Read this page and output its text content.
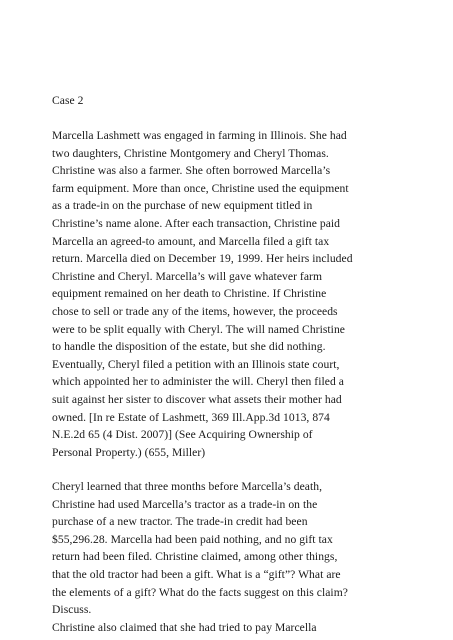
Case 2
Marcella Lashmett was engaged in farming in Illinois. She had
two daughters, Christine Montgomery and Cheryl Thomas.
Christine was also a farmer. She often borrowed Marcella’s
farm equipment. More than once, Christine used the equipment
as a trade-in on the purchase of new equipment titled in
Christine’s name alone. After each transaction, Christine paid
Marcella an agreed-to amount, and Marcella filed a gift tax
return. Marcella died on December 19, 1999. Her heirs included
Christine and Cheryl. Marcella’s will gave whatever farm
equipment remained on her death to Christine. If Christine
chose to sell or trade any of the items, however, the proceeds
were to be split equally with Cheryl. The will named Christine
to handle the disposition of the estate, but she did nothing.
Eventually, Cheryl filed a petition with an Illinois state court,
which appointed her to administer the will. Cheryl then filed a
suit against her sister to discover what assets their mother had
owned. [In re Estate of Lashmett, 369 Ill.App.3d 1013, 874
N.E.2d 65 (4 Dist. 2007)] (See Acquiring Ownership of
Personal Property.) (655, Miller)
Cheryl learned that three months before Marcella’s death,
Christine had used Marcella’s tractor as a trade-in on the
purchase of a new tractor. The trade-in credit had been
$55,296.28. Marcella had been paid nothing, and no gift tax
return had been filed. Christine claimed, among other things,
that the old tractor had been a gift. What is a “gift”? What are
the elements of a gift? What do the facts suggest on this claim?
Discuss.
Christine also claimed that she had tried to pay Marcella
